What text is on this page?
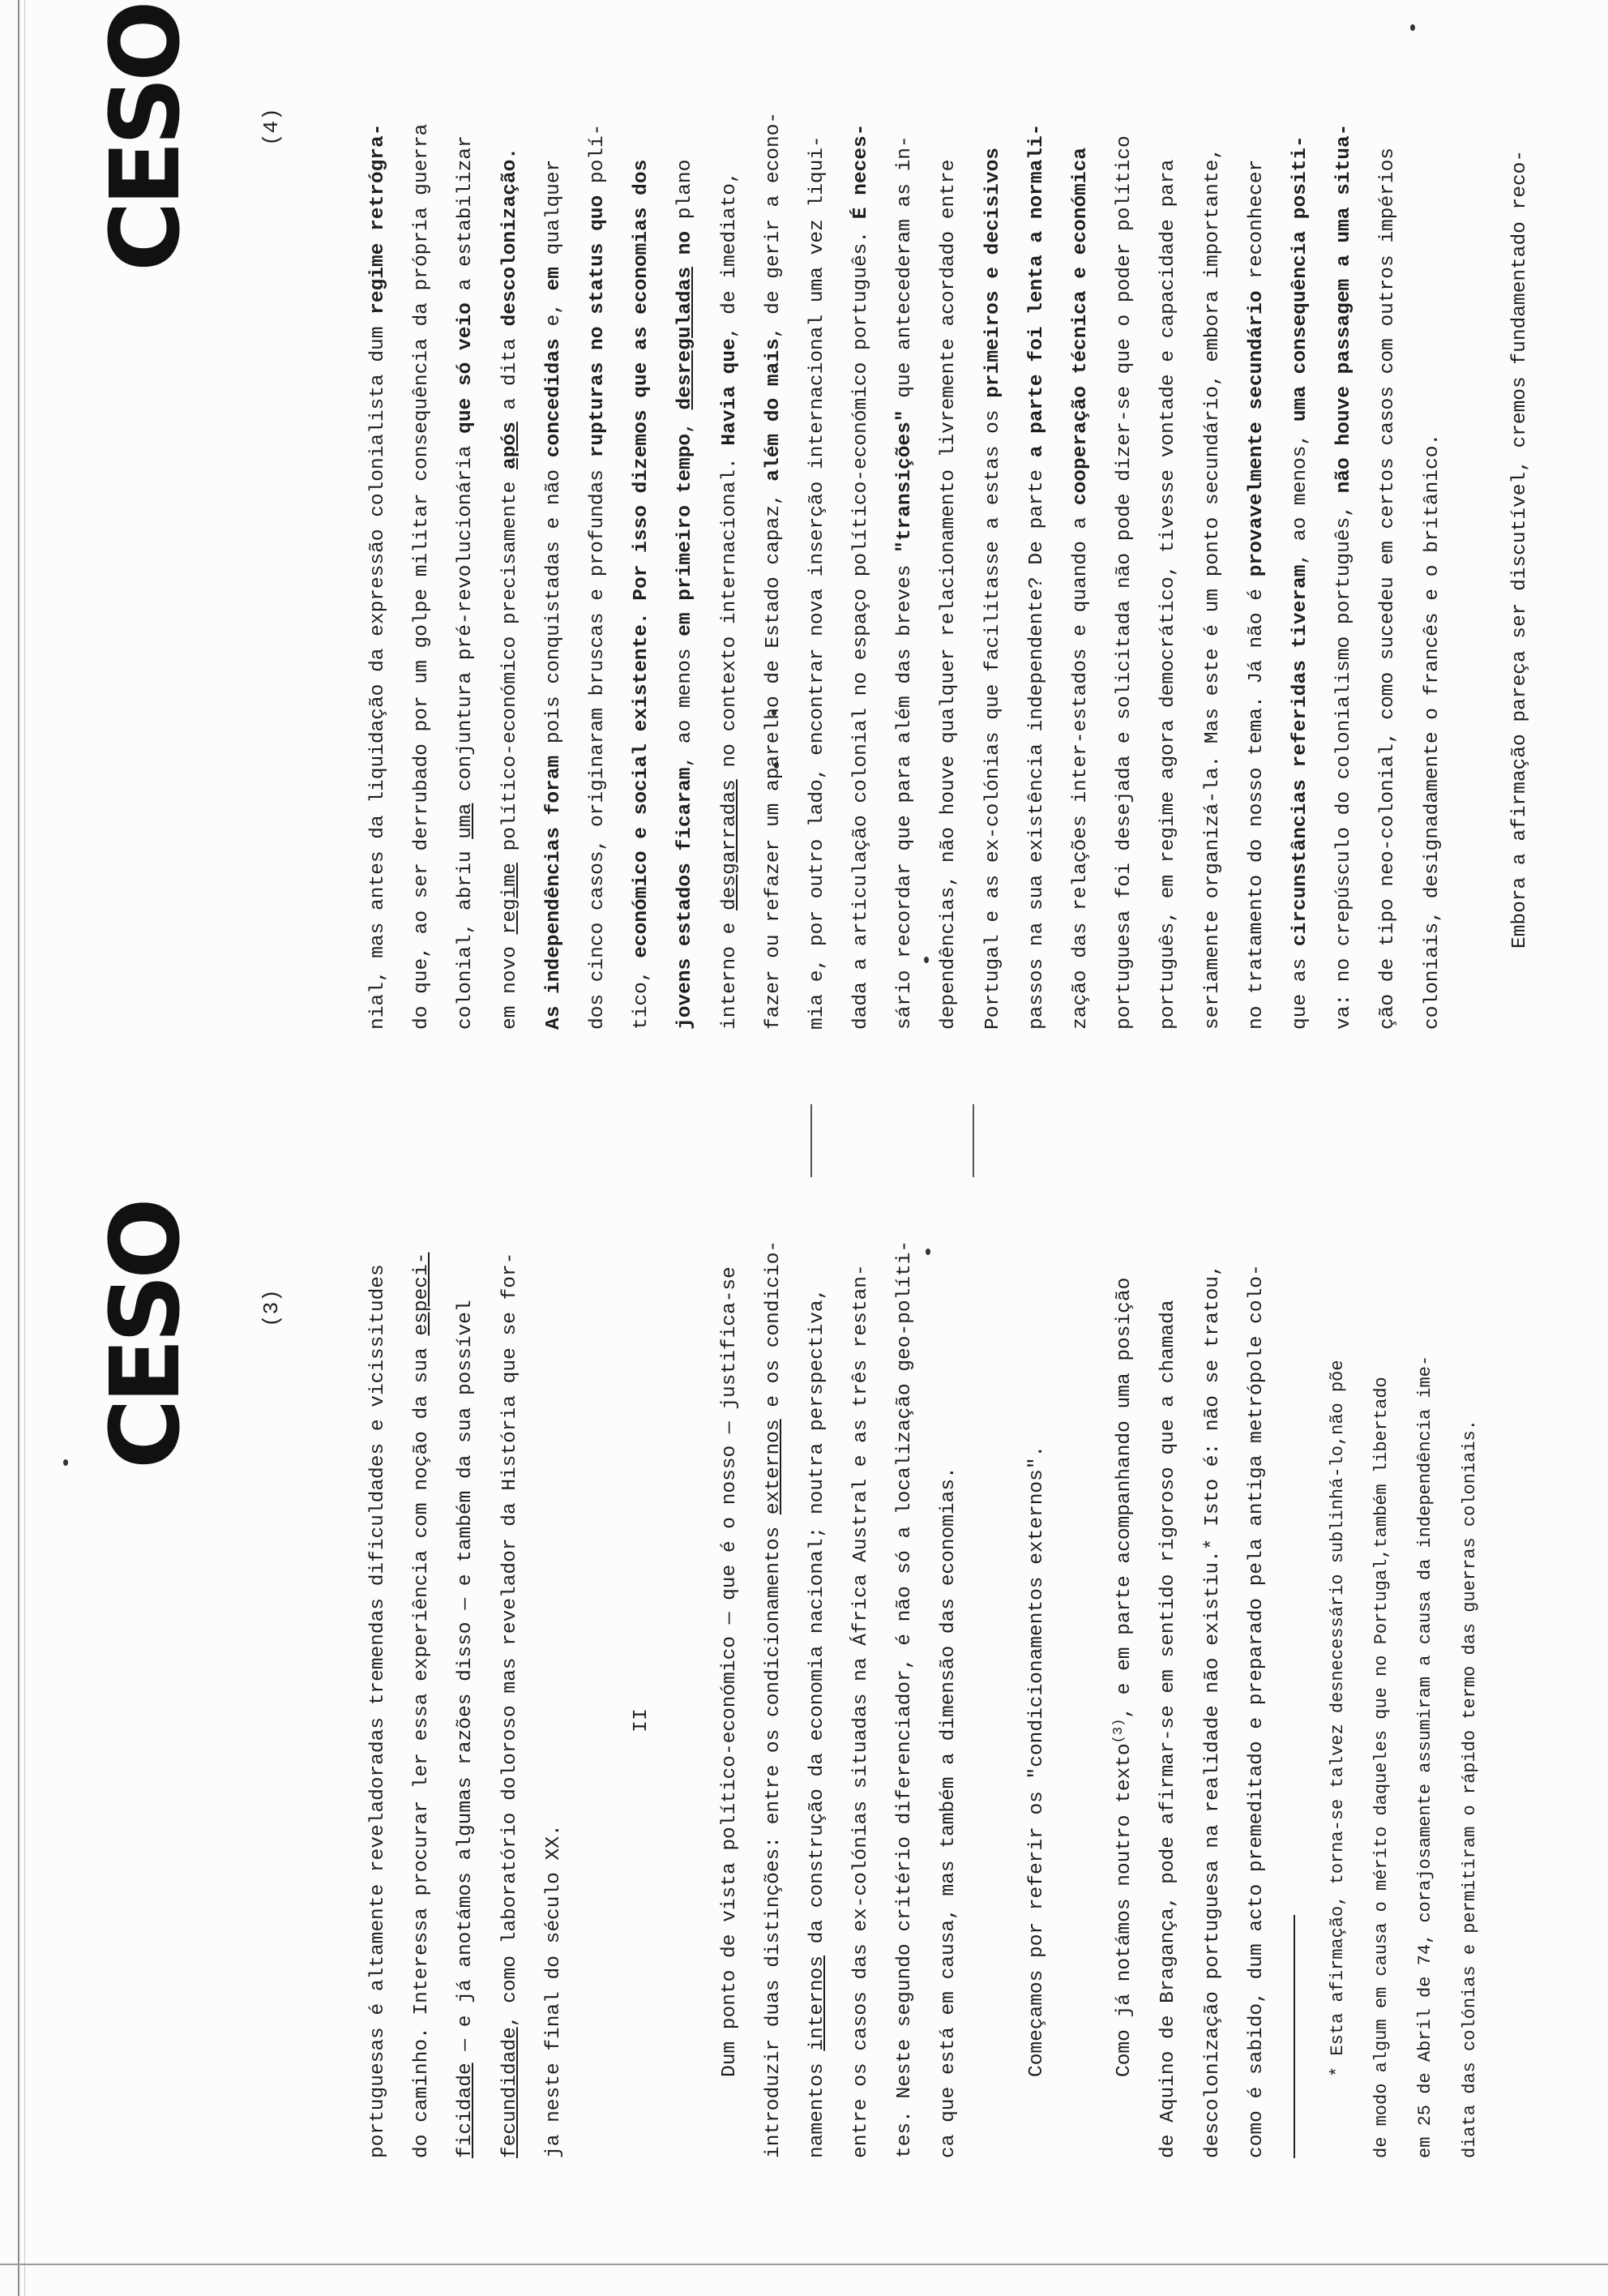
CESO	(3)	portuguesas é altamente reveladoradas tremendas dificuldades e vicissitudes	do caminho. Interessa procurar ler essa experiência com noção da sua especi-
ficidade — e já anotámos algumas razões disso — e também da sua possível
fecundidade, como laboratório doloroso mas revelador da História que se for-	ja neste final do século XX.
II	Dum ponto de vista político-económico — que é o nosso — justifica-se	introduzir duas distinções: entre os condicionamentos externos e os condicio-
namentos internos da construção da economia nacional; noutra perspectiva,	entre os casos das ex-colónias situadas na África Austral e as três restan-	tes. Neste segundo critério diferenciador, é não só a localização geo-políti-	ca que está em causa, mas também a dimensão das economias.	Começamos por referir os "condicionamentos externos".	Como já notámos noutro texto$^{(3)}$, e em parte acompanhando uma posição	de Aquino de Bragança, pode afirmar-se em sentido rigoroso que a chamada	descolonização portuguesa na realidade não existiu.* Isto é: não se tratou,	como é sabido, dum acto premeditado e preparado pela antiga metrópole colo-	* Esta afirmação, torna-se talvez desnecessário sublinhá-lo,não põe	de modo algum em causa o mérito daqueles que no Portugal,também libertado	em 25 de Abril de 74, corajosamente assumiram a causa da independência ime-	diata das colónias e permitiram o rápido termo das guerras coloniais.
CESO	(4)
nial, mas antes da liquidação da expressão colonialista dum regime retrógra-	do que, ao ser derrubado por um golpe militar consequência da própria guerra	colonial, abriu uma conjuntura pré-revolucionária que só veio a estabilizar
em novo regime político-económico precisamente após a dita descolonização.
As independências foram pois conquistadas e não concedidas e, em qualquer
dos cinco casos, originaram bruscas e profundas rupturas no status quo polí-
tico, económico e social existente. Por isso dizemos que as economias dos
jovens estados ficaram, ao menos em primeiro tempo, desreguladas no plano
interno e desgarradas no contexto internacional. Havia que, de imediato,
fazer ou refazer um aparelho de Estado capaz, além do mais, de gerir a econo-	mia e, por outro lado, encontrar nova inserção internacional uma vez liqui-	dada a articulação colonial no espaço político-económico português. É neces-
sário recordar que para além das breves "transições" que antecederam as in-	dependências, não houve qualquer relacionamento livremente acordado entre	Portugal e as ex-colónias que facilitasse a estas os primeiros e decisivos
passos na sua existência independente? De parte a parte foi lenta a normali-
zação das relações inter-estados e quando a cooperação técnica e económica	portuguesa foi desejada e solicitada não pode dizer-se que o poder político	português, em regime agora democrático, tivesse vontade e capacidade para	seriamente organizá-la. Mas este é um ponto secundário, embora importante,	no tratamento do nosso tema. Já não é provavelmente secundário reconhecer
que as circunstâncias referidas tiveram, ao menos, uma consequência positi-
va: no crepúsculo do colonialismo português, não houve passagem a uma situa-	ção de tipo neo-colonial, como sucedeu em certos casos com outros impérios	coloniais, designadamente o francês e o britânico.	Embora a afirmação pareça ser discutível, cremos fundamentado reco-
